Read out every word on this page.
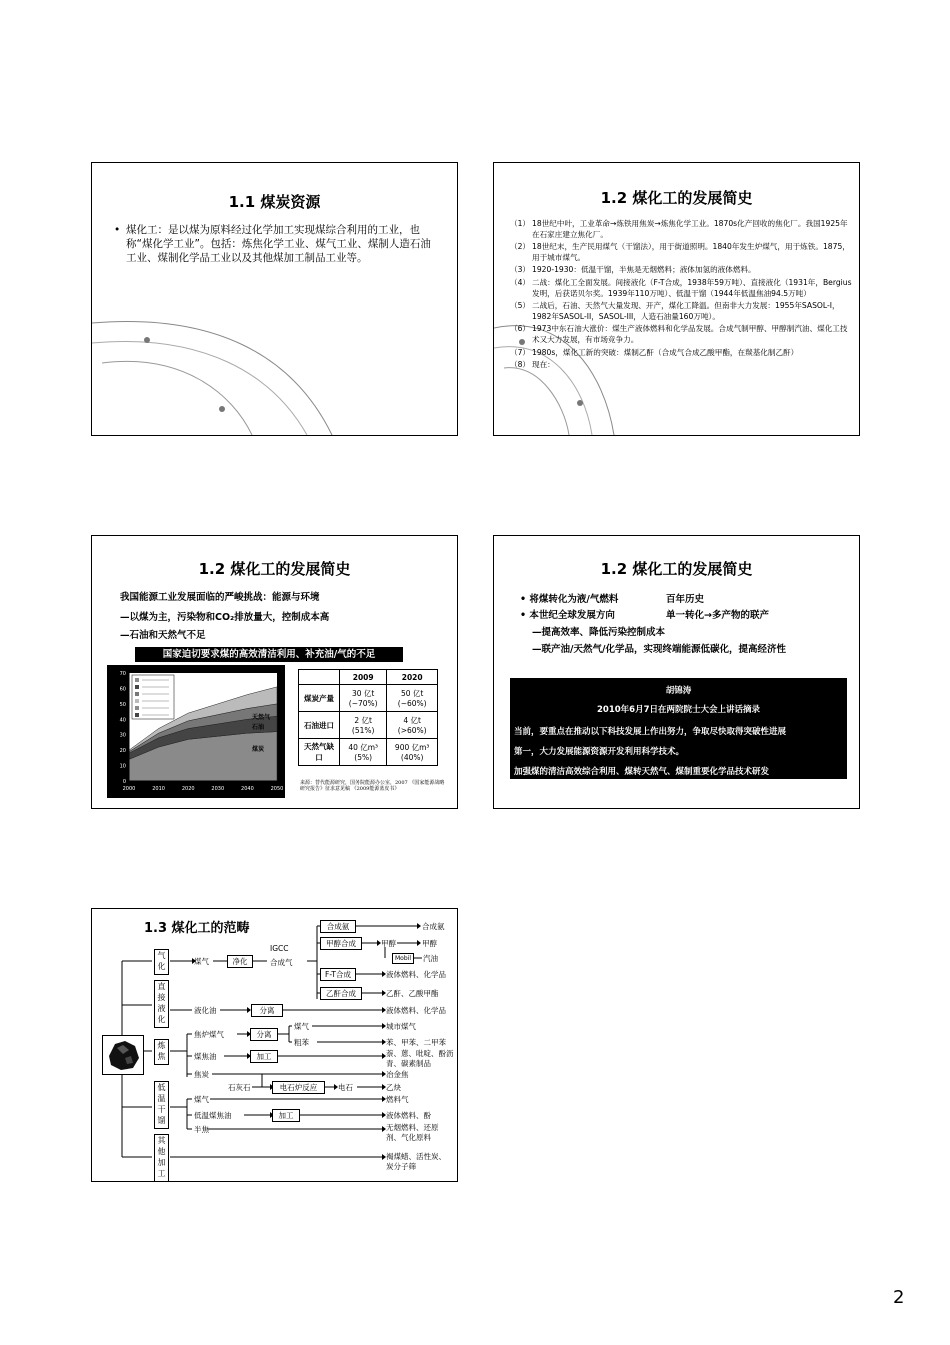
1.1 煤炭资源
• 煤化工：是以煤为原料经过化学加工实现煤综合利用的工业，也称“煤化学工业”。包括：炼焦化学工业、煤气工业、煤制人造石油工业、煤制化学品工业以及其他煤加工制品工业等。
1.2 煤化工的发展简史
（1） 18世纪中叶，工业革命→炼铁用焦炭→炼焦化学工业。1870s化产回收的焦化厂。我国1925年在石家庄建立焦化厂。
（2） 18世纪末，生产民用煤气（干馏法），用于街道照明。1840年发生炉煤气，用于炼铁。1875，用于城市煤气。
（3） 1920-1930：低温干馏，半焦是无烟燃料；液体加氢的液体燃料。
（4） 二战：煤化工全面发展。间接液化（F-T合成，1938年59万吨）、直接液化（1931年，Bergius发明，后获诺贝尔奖。1939年110万吨）、低温干馏（1944年低温焦油94.5万吨）
（5） 二战后，石油、天然气大量发现、开产，煤化工降温。但南非大力发展：1955年SASOL-I，1982年SASOL-II，SASOL-III，人造石油量160万吨）。
（6） 1973中东石油大涨价：煤生产液体燃料和化学品发展。合成气制甲醇、甲醇制汽油、煤化工技术又大力发展，有市场竞争力。
（7） 1980s，煤化工新的突破：煤制乙酐（合成气合成乙酸甲酯，在羰基化制乙酐）
（8） 现在：
1.2 煤化工的发展简史
我国能源工业发展面临的严峻挑战：能源与环境
—以煤为主，污染物和CO₂排放量大，控制成本高
—石油和天然气不足
国家迫切要求煤的高效清洁利用、补充油/气的不足
0
10
20
30
40
50
60
70
2000	2010	2020	2030	2040	2050
天然气
石油
煤炭
	2009	2020
煤炭产量	30 亿t (~70%)	50 亿t (~60%)
石油进口	2 亿t (51%)	4 亿t (>60%)
天然气缺口	40 亿m³ (5%)	900 亿m³ (40%)
来源：替代能源研究，国务院能源办公室，2007 《国家能源战略研究报告》征求意见稿 《2009能源蓝皮书》
1.2 煤化工的发展简史
• 将煤转化为液/气燃料	百年历史
• 本世纪全球发展方向	单一转化→多产物的联产
—提高效率、降低污染控制成本
—联产油/天然气/化学品，实现终端能源低碳化，提高经济性
胡锦涛
2010年6月7日在两院院士大会上讲话摘录
当前，要重点在推动以下科技发展上作出努力，争取尽快取得突破性进展
第一，大力发展能源资源开发利用科学技术。
加强煤的清洁高效综合利用、煤转天然气、煤制重要化学品技术研发
1.3 煤化工的范畴
气化
直接液化
炼焦
低温干馏
其他加工
煤气	净化
IGCC
合成气
合成氨	合成氨
甲醇合成	甲醇	甲醇
Mobil	汽油
F-T合成	液体燃料、化学品
乙酐合成	乙酐、乙酸甲酯
液化油	分离	液体燃料、化学品
焦炉煤气	分离
煤气
粗苯
城市煤气
苯、甲苯、二甲苯
煤焦油	加工	萘、蒽、吡啶、酚沥青、碳素制品
焦炭	冶金焦
石灰石	电石炉反应	电石	乙炔
煤气	燃料气
低温煤焦油	加工	液体燃料、酚
半焦	无烟燃料、还原剂、气化原料
褐煤蜡、活性炭、炭分子筛
2
